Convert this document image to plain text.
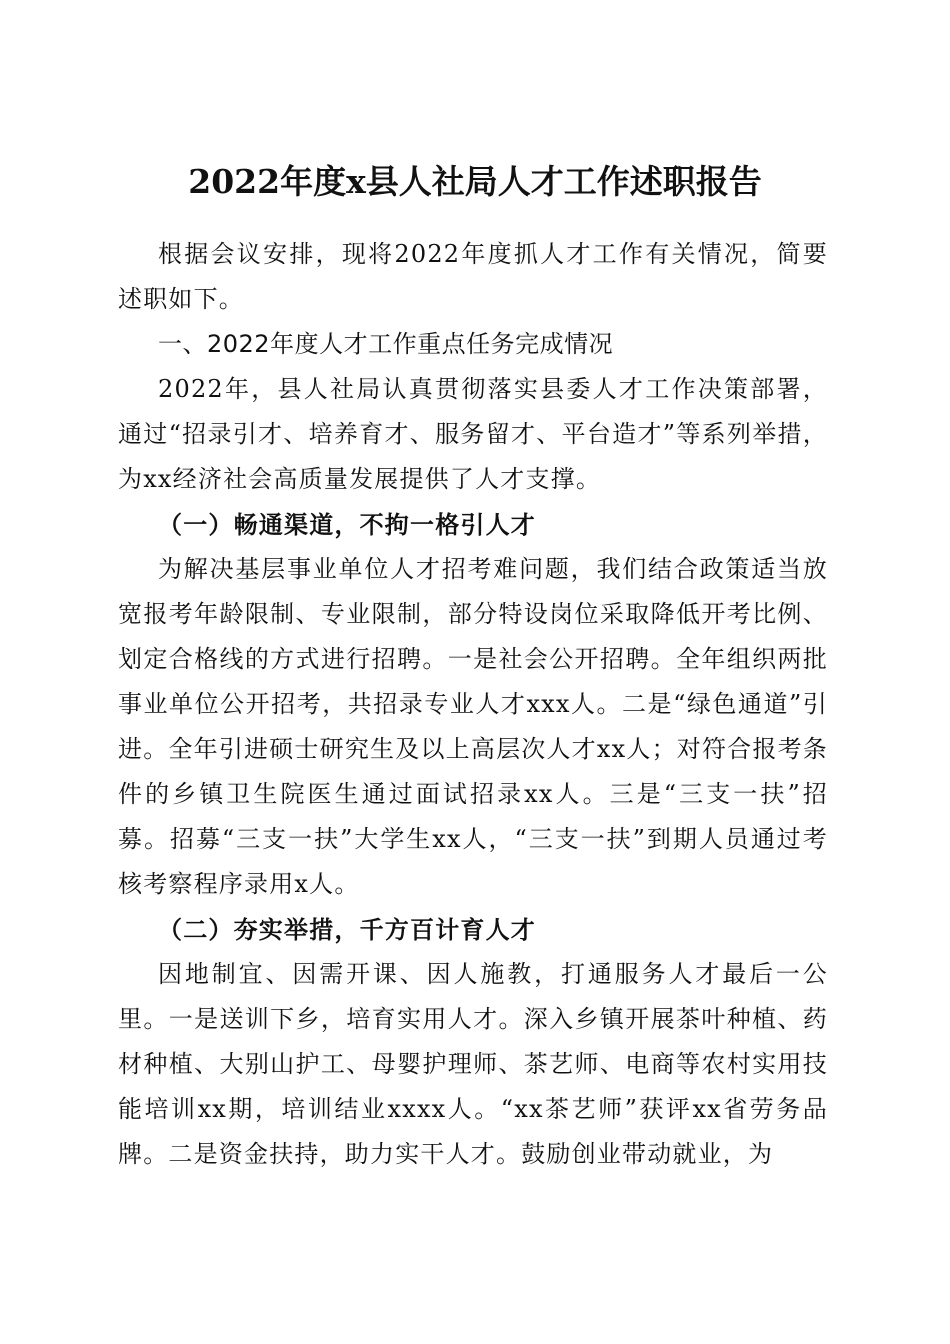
2022年度x县人社局人才工作述职报告

根据会议安排，现将2022年度抓人才工作有关情况，简要述职如下。

一、2022年度人才工作重点任务完成情况

2022年，县人社局认真贯彻落实县委人才工作决策部署，通过“招录引才、培养育才、服务留才、平台造才”等系列举措，为xx经济社会高质量发展提供了人才支撑。

（一）畅通渠道，不拘一格引人才

为解决基层事业单位人才招考难问题，我们结合政策适当放宽报考年龄限制、专业限制，部分特设岗位采取降低开考比例、划定合格线的方式进行招聘。一是社会公开招聘。全年组织两批事业单位公开招考，共招录专业人才xxx人。二是“绿色通道”引进。全年引进硕士研究生及以上高层次人才xx人；对符合报考条件的乡镇卫生院医生通过面试招录xx人。三是“三支一扶”招募。招募“三支一扶”大学生xx人，“三支一扶”到期人员通过考核考察程序录用x人。

（二）夯实举措，千方百计育人才

因地制宜、因需开课、因人施教，打通服务人才最后一公里。一是送训下乡，培育实用人才。深入乡镇开展茶叶种植、药材种植、大别山护工、母婴护理师、茶艺师、电商等农村实用技能培训xx期，培训结业xxxx人。“xx茶艺师”获评xx省劳务品牌。二是资金扶持，助力实干人才。鼓励创业带动就业，为
